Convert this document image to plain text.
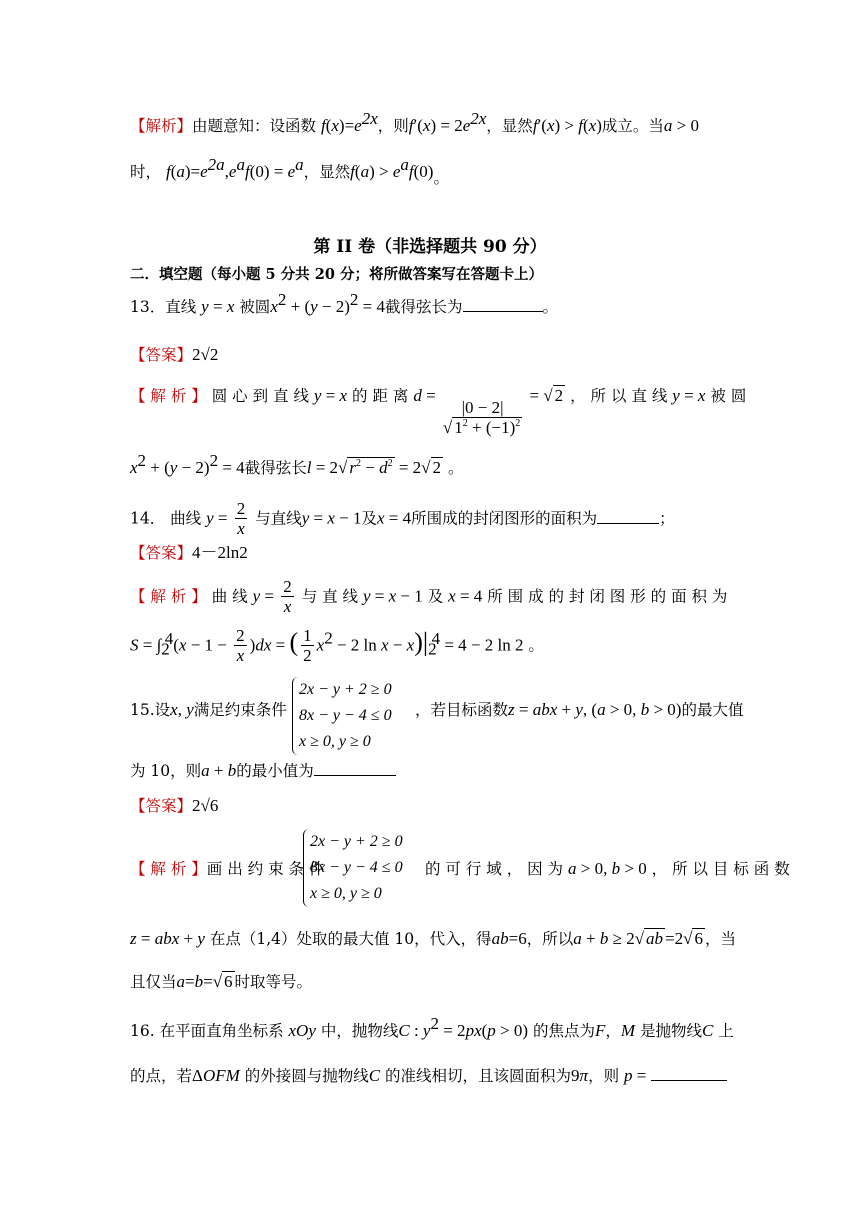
【解析】由题意知：设函数 $f(x)=e^{2x}$，则$f'(x) = 2e^{2x}$，显然f′(x) > f(x)成立。当a > 0
时， $f(a)=e^{2a},e^af(0) = e^a$，显然$f(a) > e^af(0)$。
第 II 卷（非选择题共 90 分）
二．填空题（每小题 5 分共 20 分；将所做答案写在答题卡上）
13．直线 y = x 被圆$x^2 + (y - 2)^2 = 4$截得弦长为	。
【答案】2√2
【 解 析 】 圆 心 到 直 线 y = x 的 距 离 d =
$\frac{|0 - 2|}{√ 1^2 + (-1)^2}$
= √ 2 ， 所 以 直 线 y = x 被 圆
$x^2 + (y - 2)^2 = 4$截得弦长l = 2√ $r^2 - d^2 = 2√$ 2 。
14． 曲线 $y = \frac{2}{x}$ 与直线y = x − 1及x = 4所围成的封闭图形的面积为	；
【答案】4－2ln2
【 解 析 】 曲 线 $y = \frac{2}{x}$ 与 直 线 y = x − 1 及 x = 4 所 围 成 的 封 闭 图 形 的 面 积 为
$S = \int_2^4(x - 1 - \frac{2}{x} )dx$ = ( $\frac{1}{2} x^2 - 2$ $\ln x - x)|_2^4 = 4 - 2$ ln 2 。
15.设x, y满足约束条件
2x − y + 2 ≥ 0
8x − y − 4 ≤ 0
x ≥ 0, y ≥ 0
，若目标函数z = abx + y, (a > 0, b > 0)的最大值
为 10，则a + b的最小值为
【答案】2√6
【 解 析 】画 出 约 束 条 件
2x − y + 2 ≥ 0
8x − y − 4 ≤ 0
x ≥ 0, y ≥ 0
的 可 行 域 ， 因 为 a > 0, b > 0 ， 所 以 目 标 函 数
z = abx + y 在点（1,4）处取的最大值 10，代入，得ab=6，所以a + b ≥ 2√ ab =2√ 6 ，当
且仅当a=b=√ 6 时取等号。
16. 在平面直角坐标系 xOy 中，抛物线C : $y^2 = 2px(p > 0)$ 的焦点为F，M 是抛物线C 上
的点，若ΔOFM 的外接圆与抛物线C 的准线相切，且该圆面积为9π，则 p =
